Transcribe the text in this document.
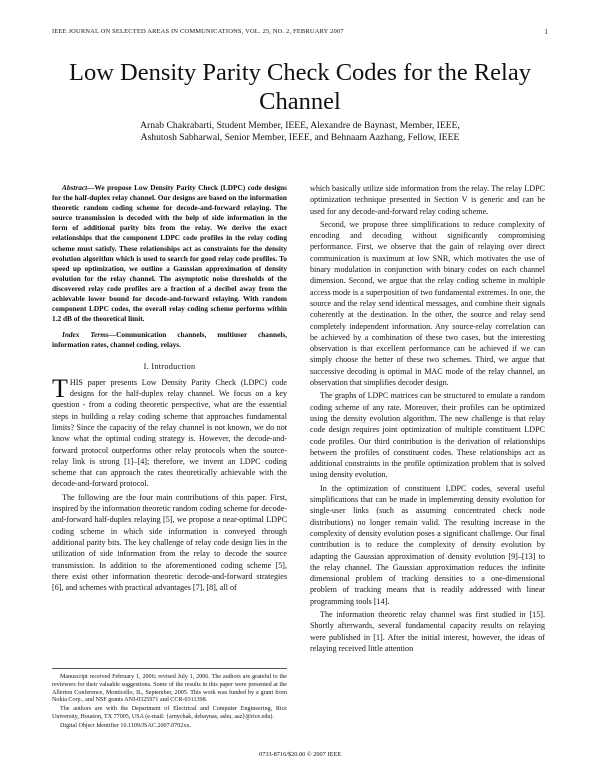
IEEE JOURNAL ON SELECTED AREAS IN COMMUNICATIONS, VOL. 25, NO. 2, FEBRUARY 2007	1
Low Density Parity Check Codes for the Relay Channel
Arnab Chakrabarti, Student Member, IEEE, Alexandre de Baynast, Member, IEEE,
Ashutosh Sabharwal, Senior Member, IEEE, and Behnaam Aazhang, Fellow, IEEE

Abstract—We propose Low Density Parity Check (LDPC) code designs for the half-duplex relay channel. Our designs are based on the information theoretic random coding scheme for decode-and-forward relaying. The source transmission is decoded with the help of side information in the form of additional parity bits from the relay. We derive the exact relationships that the component LDPC code profiles in the relay coding scheme must satisfy. These relationships act as constraints for the density evolution algorithm which is used to search for good relay code profiles. To speed up optimization, we outline a Gaussian approximation of density evolution for the relay channel. The asymptotic noise thresholds of the discovered relay code profiles are a fraction of a decibel away from the achievable lower bound for decode-and-forward relaying. With random component LDPC codes, the overall relay coding scheme performs within 1.2 dB of the theoretical limit.

Index Terms—Communication channels, multiuser channels, information rates, channel coding, relays.

I. Introduction

THIS paper presents Low Density Parity Check (LDPC) code designs for the half-duplex relay channel. We focus on a key question - from a coding theoretic perspective, what are the essential steps in building a relay coding scheme that approaches fundamental limits? Since the capacity of the relay channel is not known, we do not know what the optimal coding strategy is. However, the decode-and-forward protocol outperforms other relay protocols when the source-relay link is strong [1]–[4]; therefore, we invent an LDPC coding scheme that can approach the rates theoretically achievable with the decode-and-forward protocol.

The following are the four main contributions of this paper. First, inspired by the information theoretic random coding scheme for decode-and-forward half-duplex relaying [5], we propose a near-optimal LDPC coding scheme in which side information is conveyed through additional parity bits. The key challenge of relay code design lies in the utilization of side information from the relay to decode the source transmission. In addition to the aforementioned coding scheme [5], there exist other information theoretic decode-and-forward strategies [6], and schemes with practical advantages [7], [8], all of

Manuscript received February 1, 2006; revised July 1, 2006. The authors are grateful to the reviewers for their valuable suggestions. Some of the results in this paper were presented at the Allerton Conference, Monticello, IL, September, 2005. This work was funded by a grant from Nokia Corp., and NSF grants ANI-0325971 and CCR-0311398.

The authors are with the Department of Electrical and Computer Engineering, Rice University, Houston, TX 77005, USA (e-mail: {arnychak, debaynas, ashu, aaz}@rice.edu).

Digital Object Identifier 10.1109/JSAC.2007.0702xx.

which basically utilize side information from the relay. The relay LDPC optimization technique presented in Section V is generic and can be used for any decode-and-forward relay coding scheme.

Second, we propose three simplifications to reduce complexity of encoding and decoding without significantly compromising performance. First, we observe that the gain of relaying over direct communication is maximum at low SNR, which motivates the use of binary modulation in conjunction with binary codes on each channel dimension. Second, we argue that the relay coding scheme in multiple access mode is a superposition of two fundamental extremes. In one, the source and the relay send identical messages, and combine their signals coherently at the destination. In the other, the source and relay send completely independent information. Any source-relay correlation can be achieved by a combination of these two cases, but the interesting observation is that excellent performance can be achieved if we can simply choose the better of these two schemes. Third, we argue that successive decoding is optimal in MAC mode of the relay channel, an observation that simplifies decoder design.

The graphs of LDPC matrices can be structured to emulate a random coding scheme of any rate. Moreover, their profiles can be optimized using the density evolution algorithm. The new challenge is that relay code design requires joint optimization of multiple constituent LDPC code profiles. Our third contribution is the derivation of relationships between the profiles of constituent codes. These relationships act as additional constraints in the profile optimization problem that is solved using density evolution.

In the optimization of constituent LDPC codes, several useful simplifications that can be made in implementing density evolution for single-user links (such as assuming concentrated check node distributions) no longer remain valid. The resulting increase in the complexity of density evolution poses a significant challenge. Our final contribution is to reduce the complexity of density evolution by adapting the Gaussian approximation of density evolution [9]–[13] to the relay channel. The Gaussian approximation reduces the infinite dimensional problem of tracking densities to a one-dimensional problem of tracking means that is readily addressed with linear programming tools [14].

The information theoretic relay channel was first studied in [15]. Shortly afterwards, several fundamental capacity results on relaying were published in [1]. After the initial interest, however, the ideas of relaying received little attention

0733-8716/$20.00 © 2007 IEEE
